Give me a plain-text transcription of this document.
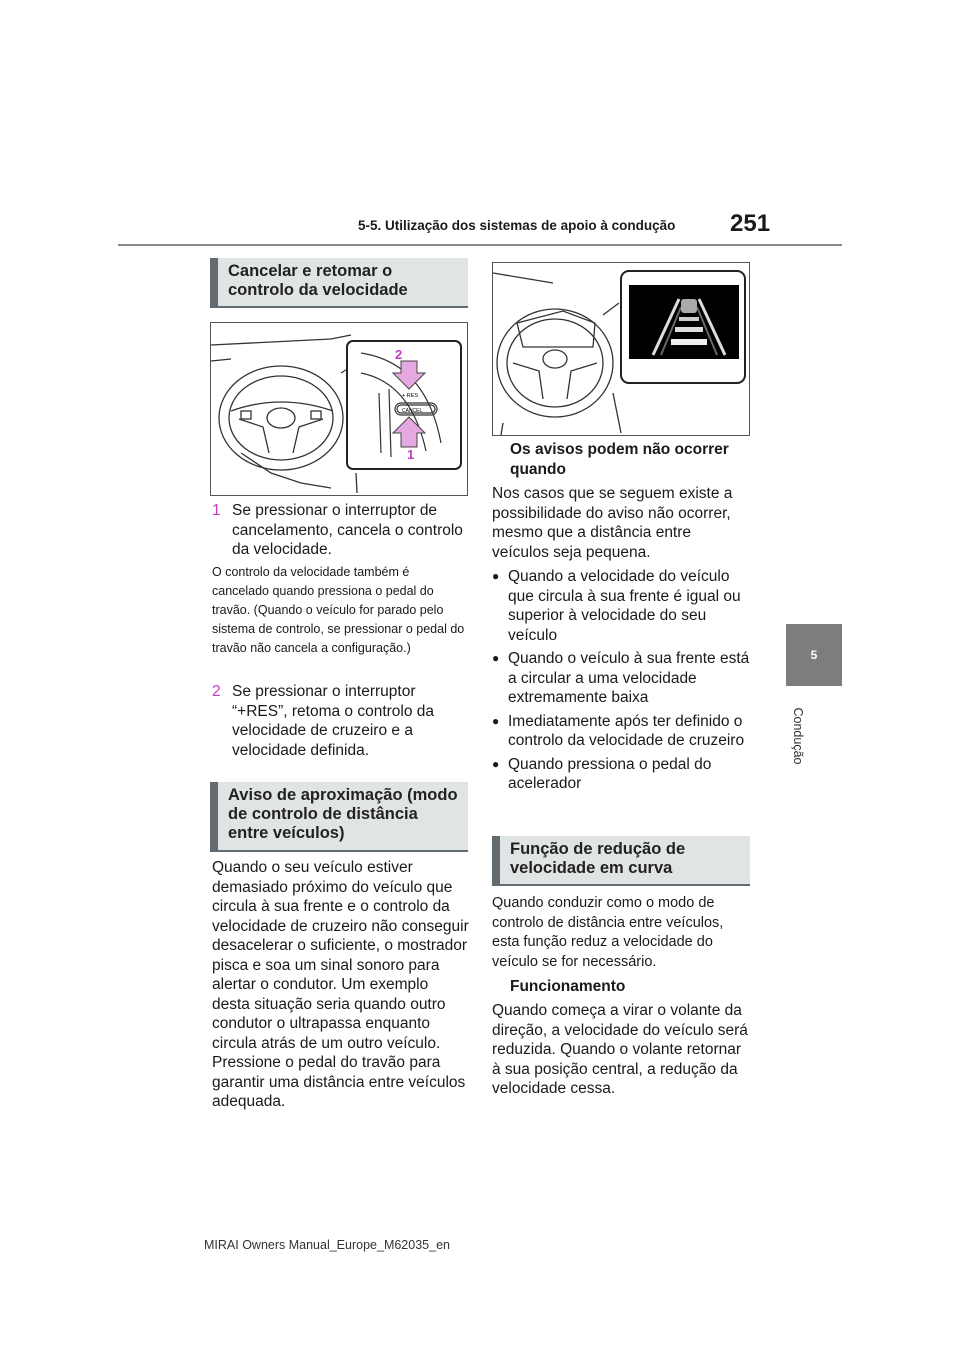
5-5. Utilização dos sistemas de apoio à condução 251
5
Condução
Cancelar e retomar o controlo da velocidade
+ RES
CANCEL
2
1
1 Se pressionar o interruptor de cancelamento, cancela o controlo da velocidade.
O controlo da velocidade também é cancelado quando pressiona o pedal do travão. (Quando o veículo for parado pelo sistema de controlo, se pressionar o pedal do travão não cancela a configuração.)
2 Se pressionar o interruptor “+RES”, retoma o controlo da velocidade de cruzeiro e a velocidade definida.
Aviso de aproximação (modo de controlo de distância entre veículos)
Quando o seu veículo estiver demasiado próximo do veículo que circula à sua frente e o controlo da velocidade de cruzeiro não conseguir desacelerar o suficiente, o mostrador pisca e soa um sinal sonoro para alertar o condutor. Um exemplo desta situação seria quando outro condutor o ultrapassa enquanto circula atrás de um outro veículo. Pressione o pedal do travão para garantir uma distância entre veículos adequada.
Os avisos podem não ocorrer quando
Nos casos que se seguem existe a possibilidade do aviso não ocorrer, mesmo que a distância entre veículos seja pequena.
● Quando a velocidade do veículo que circula à sua frente é igual ou superior à velocidade do seu veículo
● Quando o veículo à sua frente está a circular a uma velocidade extremamente baixa
● Imediatamente após ter definido o controlo da velocidade de cruzeiro
● Quando pressiona o pedal do acelerador
Função de redução de velocidade em curva
Quando conduzir como o modo de controlo de distância entre veículos, esta função reduz a velocidade do veículo se for necessário.
Funcionamento
Quando começa a virar o volante da direção, a velocidade do veículo será reduzida. Quando o volante retornar à sua posição central, a redução da velocidade cessa.
MIRAI Owners Manual_Europe_M62035_en
